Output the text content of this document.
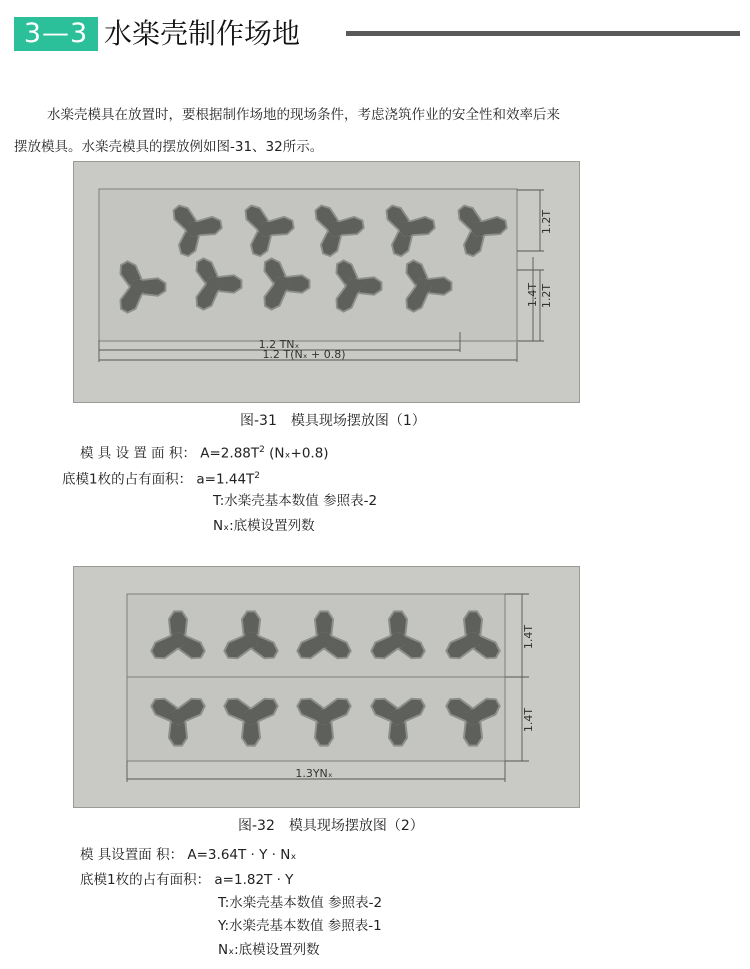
3—3 水楽壳制作场地
水楽壳模具在放置时，要根据制作场地的现场条件，考虑浇筑作业的安全性和效率后来
摆放模具。水楽壳模具的摆放例如图-31、32所示。
1.2T
1.4T 1.2T
1.2 TNₓ
1.2 T(Nₓ + 0.8)
图-31　模具现场摆放图（1）
模 具 设 置 面 积： $A=2.88T^2$ (Nₓ+0.8)
底模1枚的占有面积： $a=1.44T^2$
T:水楽壳基本数值 参照表-2
Nₓ:底模设置列数
1.4T
1.4T
1.3YNₓ
图-32　模具现场摆放图（2）
模 具设置面 积： A=3.64T · Y · Nₓ
底模1枚的占有面积： a=1.82T · Y
T:水楽壳基本数值 参照表-2
Y:水楽壳基本数值 参照表-1
Nₓ:底模设置列数
